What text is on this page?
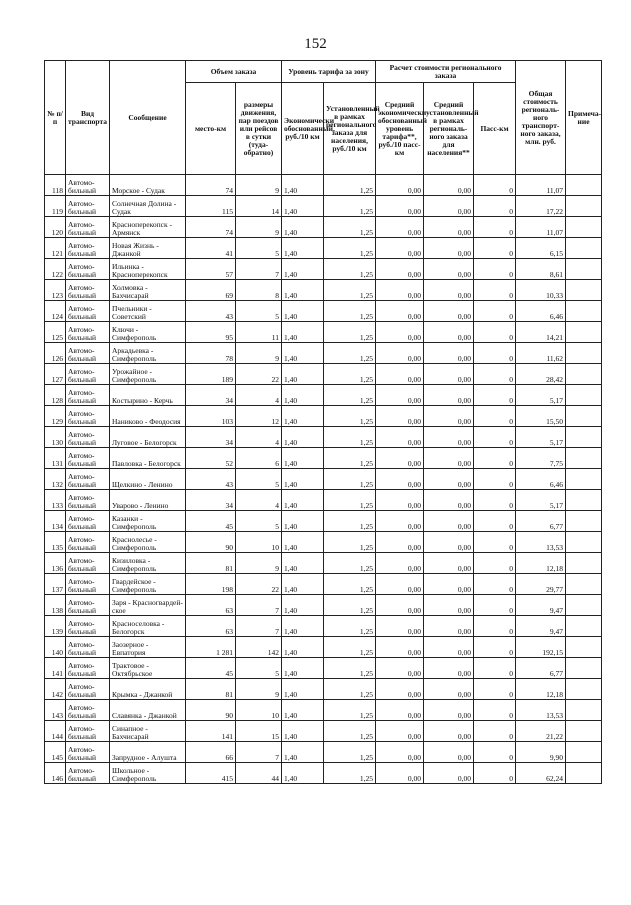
152
№ п/п	Вид транспорта	Сообщение	Объем заказа		Уровень тарифа за зону		Расчет стоимости регионального заказа			Общая стоимость региональ-ного транспорт-ного заказа, млн. руб.	Примеча-ние
			место-км	размеры движения, пар поездов или рейсов в сутки (туда-обратно)	Экономически обоснованный, руб./10 км	Установленный в рамках регионального заказа для населения, руб./10 км	Средний экономически обоснованный уровень тарифа**, руб./10 пасс-км	Средний установленный в рамках региональ-ного заказа для населения**	Пасс-км		
118	Автомо-бильный	Морское - Судак	74	9	1,40	1,25	0,00	0,00	0	11,07	
119	Автомо-бильный	Солнечная Долина - Судак	115	14	1,40	1,25	0,00	0,00	0	17,22	
120	Автомо-бильный	Красноперекопск - Армянск	74	9	1,40	1,25	0,00	0,00	0	11,07	
121	Автомо-бильный	Новая Жизнь - Джанкой	41	5	1,40	1,25	0,00	0,00	0	6,15	
122	Автомо-бильный	Ильинка - Красноперекопск	57	7	1,40	1,25	0,00	0,00	0	8,61	
123	Автомо-бильный	Холмовка - Бахчисарай	69	8	1,40	1,25	0,00	0,00	0	10,33	
124	Автомо-бильный	Пчельники - Советский	43	5	1,40	1,25	0,00	0,00	0	6,46	
125	Автомо-бильный	Ключи - Симферополь	95	11	1,40	1,25	0,00	0,00	0	14,21	
126	Автомо-бильный	Аркадьевка - Симферополь	78	9	1,40	1,25	0,00	0,00	0	11,62	
127	Автомо-бильный	Урожайное - Симферополь	189	22	1,40	1,25	0,00	0,00	0	28,42	
128	Автомо-бильный	Костырино - Керчь	34	4	1,40	1,25	0,00	0,00	0	5,17	
129	Автомо-бильный	Наниково - Феодосия	103	12	1,40	1,25	0,00	0,00	0	15,50	
130	Автомо-бильный	Луговое - Белогорск	34	4	1,40	1,25	0,00	0,00	0	5,17	
131	Автомо-бильный	Павловка - Белогорск	52	6	1,40	1,25	0,00	0,00	0	7,75	
132	Автомо-бильный	Щелкино - Ленино	43	5	1,40	1,25	0,00	0,00	0	6,46	
133	Автомо-бильный	Уварово - Ленино	34	4	1,40	1,25	0,00	0,00	0	5,17	
134	Автомо-бильный	Казанки - Симферополь	45	5	1,40	1,25	0,00	0,00	0	6,77	
135	Автомо-бильный	Краснолесье - Симферополь	90	10	1,40	1,25	0,00	0,00	0	13,53	
136	Автомо-бильный	Кизиловка - Симферополь	81	9	1,40	1,25	0,00	0,00	0	12,18	
137	Автомо-бильный	Гвардейское - Симферополь	198	22	1,40	1,25	0,00	0,00	0	29,77	
138	Автомо-бильный	Заря - Красногвардей-ское	63	7	1,40	1,25	0,00	0,00	0	9,47	
139	Автомо-бильный	Красноселовка - Белогорск	63	7	1,40	1,25	0,00	0,00	0	9,47	
140	Автомо-бильный	Заозерное - Евпатория	1 281	142	1,40	1,25	0,00	0,00	0	192,15	
141	Автомо-бильный	Трактовое - Октябрьское	45	5	1,40	1,25	0,00	0,00	0	6,77	
142	Автомо-бильный	Крымка - Джанкой	81	9	1,40	1,25	0,00	0,00	0	12,18	
143	Автомо-бильный	Славянка - Джанкой	90	10	1,40	1,25	0,00	0,00	0	13,53	
144	Автомо-бильный	Синапное - Бахчисарай	141	15	1,40	1,25	0,00	0,00	0	21,22	
145	Автомо-бильный	Запрудное - Алушта	66	7	1,40	1,25	0,00	0,00	0	9,90	
146	Автомо-бильный	Школьное - Симферополь	415	44	1,40	1,25	0,00	0,00	0	62,24	
